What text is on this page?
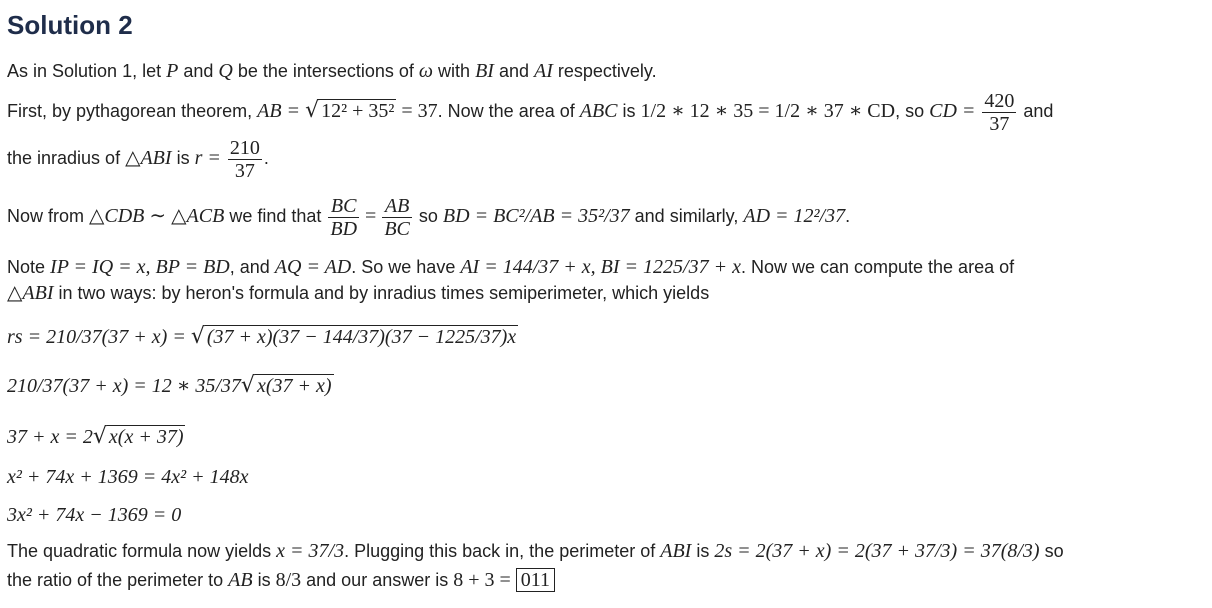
Solution 2
As in Solution 1, let P and Q be the intersections of ω with BI and AI respectively.
First, by pythagorean theorem, AB = √ 12² + 35² = 37. Now the area of ABC is 1/2 ∗ 12 ∗ 35 = 1/2 ∗ 37 ∗ CD, so CD = $\frac{420}{37}$ and
the inradius of △ABI is $r = \frac{210}{37}$ .
Now from △CDB ∼ △ACB we find that $\frac{BC}{BD} = \frac{AB}{BC}$ so BD = BC²/AB = 35²/37 and similarly, AD = 12²/37.
Note IP = IQ = x, BP = BD, and AQ = AD. So we have AI = 144/37 + x, BI = 1225/37 + x. Now we can compute the area of
△ABI in two ways: by heron's formula and by inradius times semiperimeter, which yields
rs = 210/37(37 + x) = √ (37 + x)(37 − 144/37)(37 − 1225/37)x
210/37(37 + x) = 12 ∗ 35/37√ x(37 + x)
37 + x = 2√ x(x + 37)
x² + 74x + 1369 = 4x² + 148x
3x² + 74x − 1369 = 0
The quadratic formula now yields x = 37/3. Plugging this back in, the perimeter of ABI is 2s = 2(37 + x) = 2(37 + 37/3) = 37(8/3) so
the ratio of the perimeter to AB is 8/3 and our answer is 8 + 3 = 011
